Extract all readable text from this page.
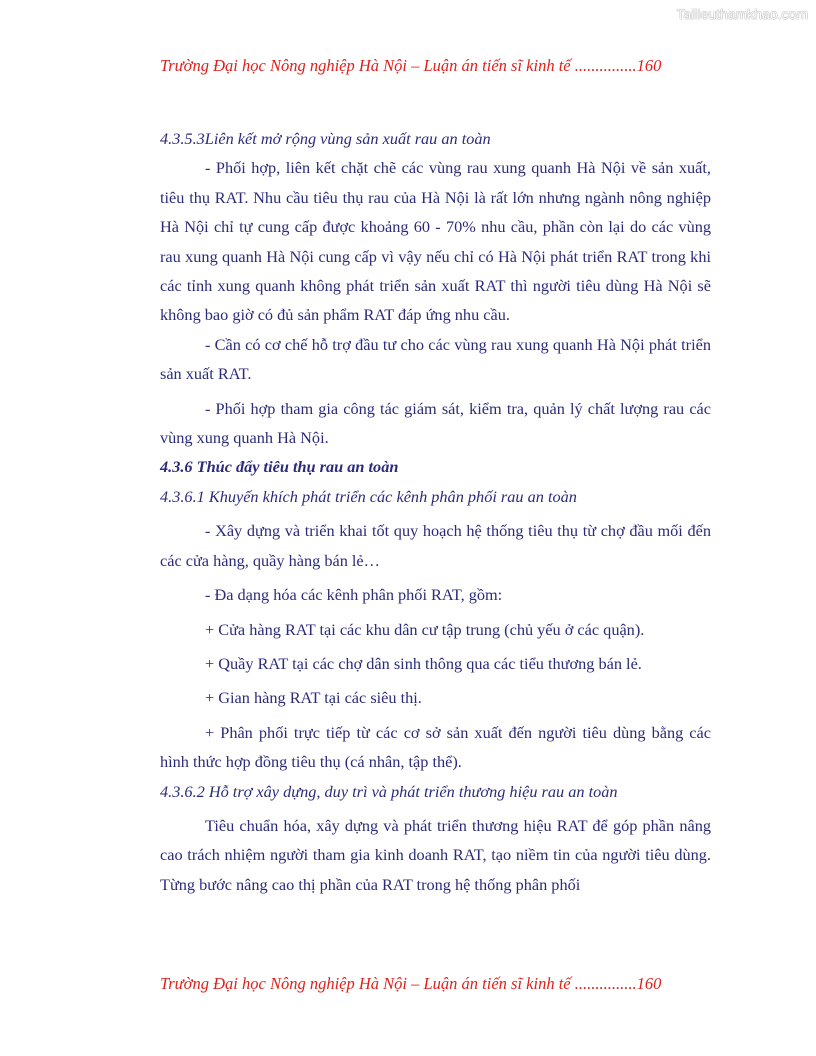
Tailieuthamkhao.com
Trường Đại học Nông nghiệp Hà Nội – Luận án tiến sĩ kinh tế ...............160

4.3.5.3Liên kết mở rộng vùng sản xuất rau an toàn

- Phối hợp, liên kết chặt chẽ các vùng rau xung quanh Hà Nội về sản xuất, tiêu thụ RAT. Nhu cầu tiêu thụ rau của Hà Nội là rất lớn nhưng ngành nông nghiệp Hà Nội chỉ tự cung cấp được khoảng 60 - 70% nhu cầu, phần còn lại do các vùng rau xung quanh Hà Nội cung cấp vì vậy nếu chỉ có Hà Nội phát triển RAT trong khi các tỉnh xung quanh không phát triển sản xuất RAT thì người tiêu dùng Hà Nội sẽ không bao giờ có đủ sản phẩm RAT đáp ứng nhu cầu.

- Cần có cơ chế hỗ trợ đầu tư cho các vùng rau xung quanh Hà Nội phát triển sản xuất RAT.

- Phối hợp tham gia công tác giám sát, kiểm tra, quản lý chất lượng rau các vùng xung quanh Hà Nội.

4.3.6 Thúc đẩy tiêu thụ rau an toàn

4.3.6.1 Khuyến khích phát triển các kênh phân phối rau an toàn

- Xây dựng và triển khai tốt quy hoạch hệ thống tiêu thụ từ chợ đầu mối đến các cửa hàng, quầy hàng bán lẻ…

- Đa dạng hóa các kênh phân phối RAT, gồm:

+ Cửa hàng RAT tại các khu dân cư tập trung (chủ yếu ở các quận).

+ Quầy RAT tại các chợ dân sinh thông qua các tiểu thương bán lẻ.

+ Gian hàng RAT tại các siêu thị.

+ Phân phối trực tiếp từ các cơ sở sản xuất đến người tiêu dùng bằng các hình thức hợp đồng tiêu thụ (cá nhân, tập thể).

4.3.6.2 Hỗ trợ xây dựng, duy trì và phát triển thương hiệu rau an toàn

Tiêu chuẩn hóa, xây dựng và phát triển thương hiệu RAT để góp phần nâng cao trách nhiệm người tham gia kinh doanh RAT, tạo niềm tin của người tiêu dùng. Từng bước nâng cao thị phần của RAT trong hệ thống phân phối

Trường Đại học Nông nghiệp Hà Nội – Luận án tiến sĩ kinh tế ...............160
